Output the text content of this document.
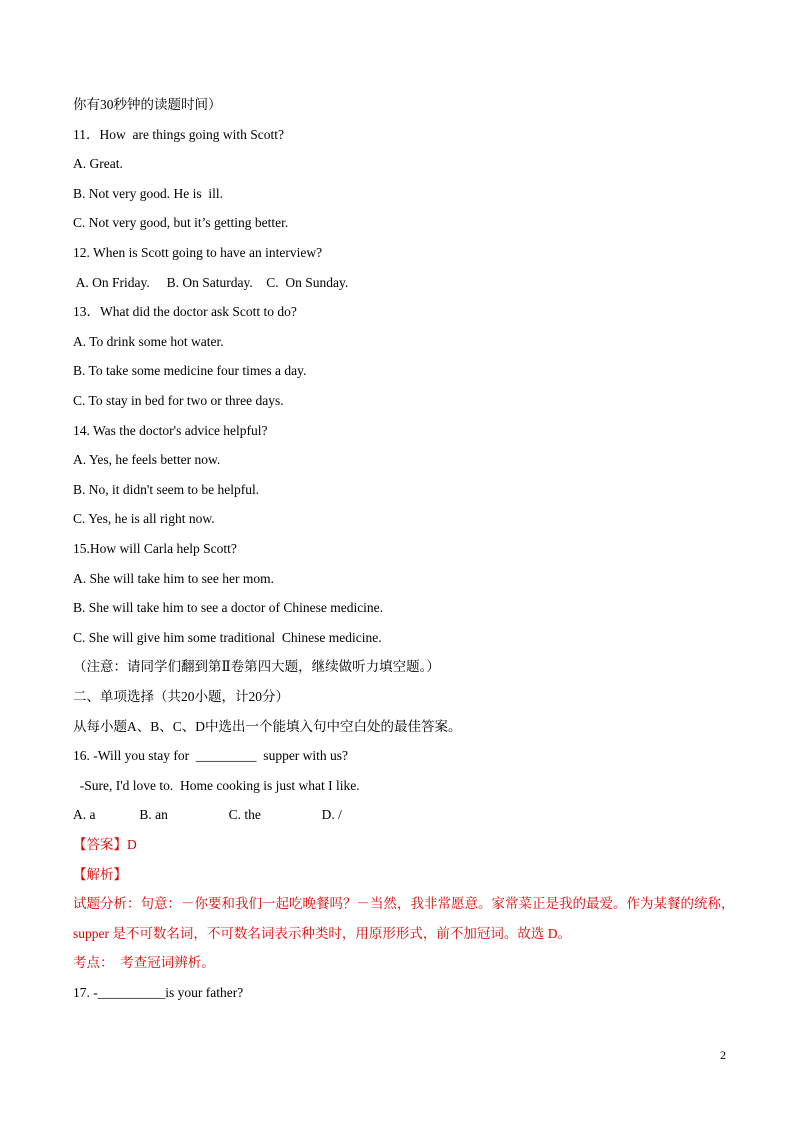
你有30秒钟的读题时间）
11．How  are things going with Scott?
A. Great.
B. Not very good. He is  ill.
C. Not very good, but it’s getting better.
12. When is Scott going to have an interview?
A. On Friday.     B. On Saturday.    C.  On Sunday.
13．What did the doctor ask Scott to do?
A. To drink some hot water.
B. To take some medicine four times a day.
C. To stay in bed for two or three days.
14. Was the doctor's advice helpful?
A. Yes, he feels better now.
B. No, it didn't seem to be helpful.
C. Yes, he is all right now.
15.How will Carla help Scott?
A. She will take him to see her mom.
B. She will take him to see a doctor of Chinese medicine.
C. She will give him some traditional  Chinese medicine.
（注意：请同学们翻到第Ⅱ卷第四大题，继续做听力填空题。）
二、单项选择（共20小题，计20分）
从每小题A、B、C、D中选出一个能填入句中空白处的最佳答案。
16. -Will you stay for  _________  supper with us?
-Sure, I'd love to.  Home cooking is just what I like.
A. a             B. an                  C. the                  D. /
【答案】D
【解析】
试题分析：句意：－你要和我们一起吃晚餐吗？－当然，我非常愿意。家常菜正是我的最爱。作为某餐的统称，
supper 是不可数名词，不可数名词表示种类时，用原形形式，前不加冠词。故选 D。
考点：  考查冠词辨析。
17. -__________is your father?
2
